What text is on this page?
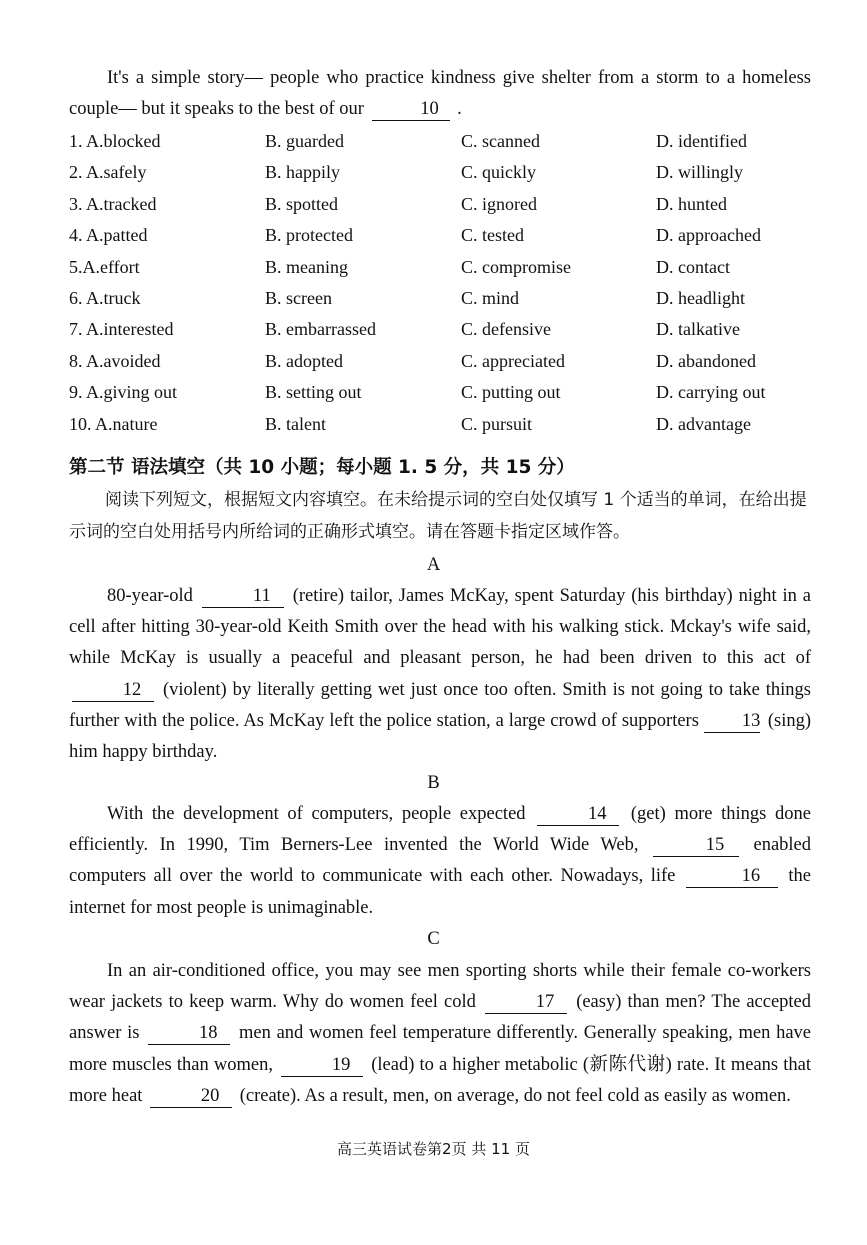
It's a simple story— people who practice kindness give shelter from a storm to a homeless couple— but it speaks to the best of our	10 .
1. A.blocked	B. guarded	C. scanned	D. identified
2. A.safely	B. happily	C. quickly	D. willingly
3. A.tracked	B. spotted	C. ignored	D. hunted
4. A.patted	B. protected	C. tested	D. approached
5.A.effort	B. meaning	C. compromise	D. contact
6. A.truck	B. screen	C. mind	D. headlight
7. A.interested	B. embarrassed	C. defensive	D. talkative
8. A.avoided	B. adopted	C. appreciated	D. abandoned
9. A.giving out	B. setting out	C. putting out	D. carrying out
10. A.nature	B. talent	C. pursuit	D. advantage
第二节 语法填空（共 10 小题；每小题 1. 5 分，共 15 分）
阅读下列短文，根据短文内容填空。在未给提示词的空白处仅填写 1 个适当的单词，在给出提示词的空白处用括号内所给词的正确形式填空。请在答题卡指定区域作答。
A
80-year-old	11 (retire) tailor, James McKay, spent Saturday (his birthday) night in a cell after hitting 30-year-old Keith Smith over the head with his walking stick. Mckay's wife said, while McKay is usually a peaceful and pleasant person, he had been driven to this act of 12 (violent) by literally getting wet just once too often. Smith is not going to take things further with the police. As McKay left the police station, a large crowd of supporters 13 (sing) him happy birthday.
B
With the development of computers, people expected	14 (get) more things done efficiently. In 1990, Tim Berners-Lee invented the World Wide Web,	15 enabled computers all over the world to communicate with each other. Nowadays, life	16 the internet for most people is unimaginable.
C
In an air-conditioned office, you may see men sporting shorts while their female co-workers wear jackets to keep warm. Why do women feel cold	17 (easy) than men? The accepted answer is	18 men and women feel temperature differently. Generally speaking, men have more muscles than women,	19 (lead) to a higher metabolic (新陈代谢) rate. It means that more heat	20 (create). As a result, men, on average, do not feel cold as easily as women.
高三英语试卷第2页 共 11 页
